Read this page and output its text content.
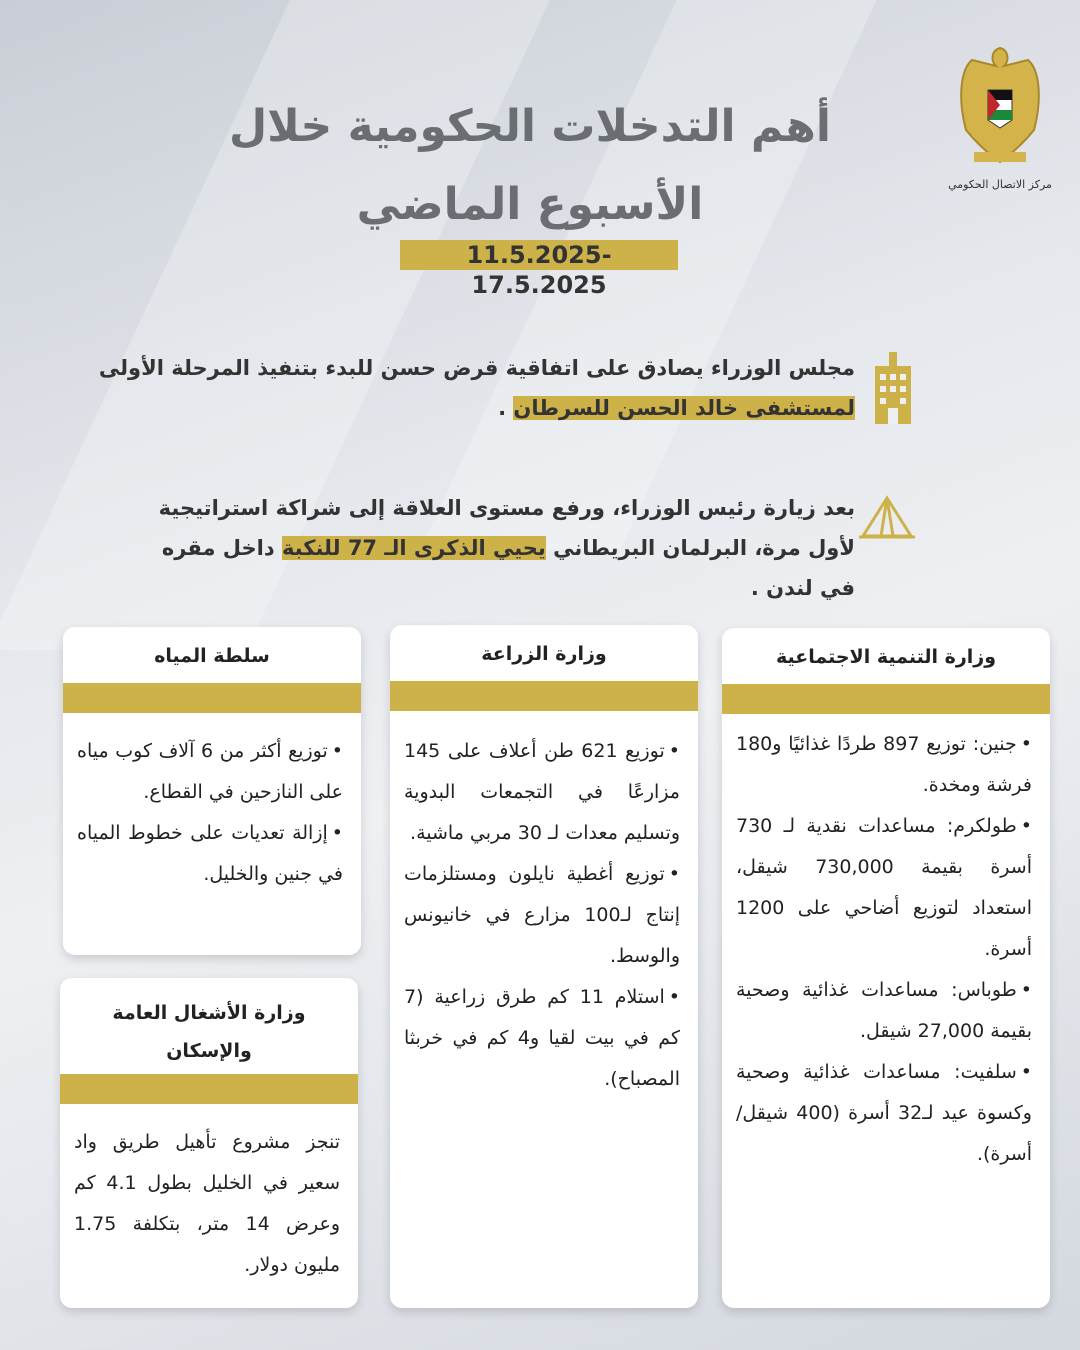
أهم التدخلات الحكومية خلال
الأسبوع الماضي
11.5.2025-17.5.2025
مركز الاتصال الحكومي
مجلس الوزراء يصادق على اتفاقية قرض حسن للبدء بتنفيذ المرحلة الأولى
لمستشفى خالد الحسن للسرطان .
بعد زيارة رئيس الوزراء، ورفع مستوى العلاقة إلى شراكة استراتيجية
لأول مرة، البرلمان البريطاني يحيي الذكرى الـ 77 للنكبة داخل مقره
في لندن .
وزارة التنمية الاجتماعية
• جنين: توزيع 897 طردًا غذائيًا و180 فرشة ومخدة.
• طولكرم: مساعدات نقدية لـ 730 أسرة بقيمة 730,000 شيقل، استعداد لتوزيع أضاحي على 1200 أسرة.
• طوباس: مساعدات غذائية وصحية بقيمة 27,000 شيقل.
• سلفيت: مساعدات غذائية وصحية وكسوة عيد لـ32 أسرة (400 شيقل/أسرة).
وزارة الزراعة
• توزيع 621 طن أعلاف على 145 مزارعًا في التجمعات البدوية وتسليم معدات لـ 30 مربي ماشية.
• توزيع أغطية نايلون ومستلزمات إنتاج لـ100 مزارع في خانيونس والوسط.
• استلام 11 كم طرق زراعية (7 كم في بيت لقيا و4 كم في خربثا المصباح).
سلطة المياه
• توزيع أكثر من 6 آلاف كوب مياه على النازحين في القطاع.
• إزالة تعديات على خطوط المياه في جنين والخليل.
وزارة الأشغال العامة والإسكان
تنجز مشروع تأهيل طريق واد سعير في الخليل بطول 4.1 كم وعرض 14 متر، بتكلفة 1.75 مليون دولار.
